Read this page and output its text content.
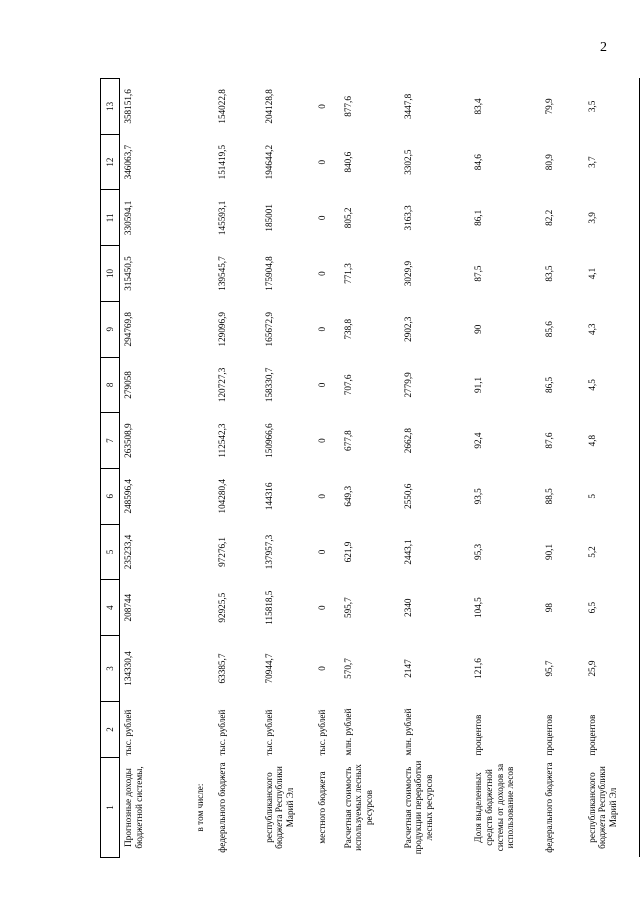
2
1	2	3	4	5	6	7	8	9	10	11	12	13
Прогнозные доходы бюджетной системы,	тыс. рублей	134330,4	208744	235233,4	248596,4	263508,9	279058	294769,8	315450,5	330594,1	346063,7	358151,6
в том числе:												
федерального бюджета	тыс. рублей	63385,7	92925,5	97276,1	104280,4	112542,3	120727,3	129096,9	139545,7	145593,1	151419,5	154022,8
республиканского бюджета Республики Марий Эл	тыс. рублей	70944,7	115818,5	137957,3	144316	150966,6	158330,7	165672,9	175904,8	185001	194644,2	204128,8
местного бюджета	тыс. рублей	0	0	0	0	0	0	0	0	0	0	0
Расчетная стоимость используемых лесных ресурсов	млн. рублей	570,7	595,7	621,9	649,3	677,8	707,6	738,8	771,3	805,2	840,6	877,6
Расчетная стоимость продукции переработки лесных ресурсов	млн. рублей	2147	2340	2443,1	2550,6	2662,8	2779,9	2902,3	3029,9	3163,3	3302,5	3447,8
Доля выделенных средств бюджетной системы от доходов за использование лесов	процентов	121,6	104,5	95,3	93,5	92,4	91,1	90	87,5	86,1	84,6	83,4
федерального бюджета	процентов	95,7	98	90,1	88,5	87,6	86,5	85,6	83,5	82,2	80,9	79,9
республиканского бюджета Республики Марий Эл	процентов	25,9	6,5	5,2	5	4,8	4,5	4,3	4,1	3,9	3,7	3,5
